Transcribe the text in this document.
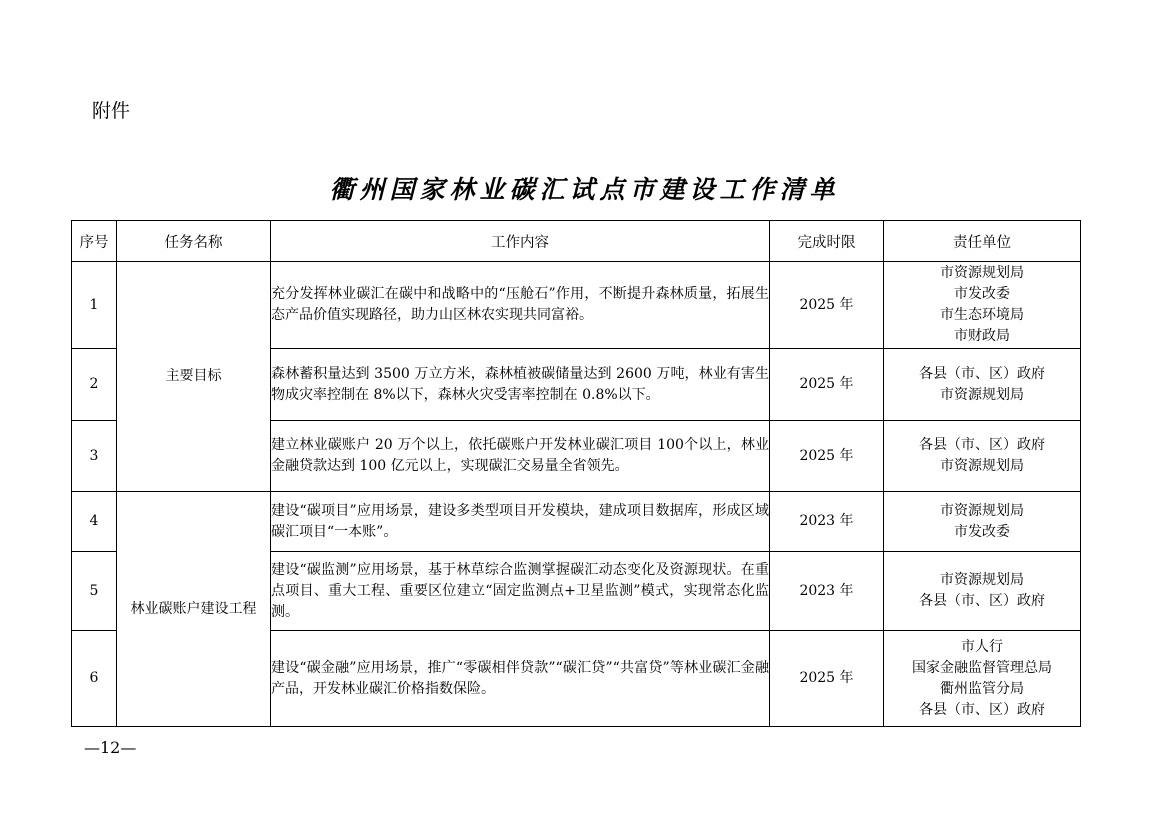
附件
衢州国家林业碳汇试点市建设工作清单
序号	任务名称	工作内容	完成时限	责任单位
1	主要目标	充分发挥林业碳汇在碳中和战略中的“压舱石”作用，不断提升森林质量，拓展生态产品价值实现路径，助力山区林农实现共同富裕。	2025 年	市资源规划局
市发改委
市生态环境局
市财政局

2		森林蓄积量达到 3500 万立方米，森林植被碳储量达到 2600 万吨，林业有害生物成灾率控制在 8%以下，森林火灾受害率控制在 0.8%以下。	2025 年	各县（市、区）政府
市资源规划局

3		建立林业碳账户 20 万个以上，依托碳账户开发林业碳汇项目 100个以上，林业金融贷款达到 100 亿元以上，实现碳汇交易量全省领先。	2025 年	各县（市、区）政府
市资源规划局

4	林业碳账户建设工程	建设“碳项目”应用场景，建设多类型项目开发模块，建成项目数据库，形成区域碳汇项目“一本账”。	2023 年	市资源规划局
市发改委

5		建设“碳监测”应用场景，基于林草综合监测掌握碳汇动态变化及资源现状。在重点项目、重大工程、重要区位建立“固定监测点+卫星监测”模式，实现常态化监测。	2023 年	市资源规划局
各县（市、区）政府

6		建设“碳金融”应用场景，推广“零碳相伴贷款”“碳汇贷”“共富贷”等林业碳汇金融产品，开发林业碳汇价格指数保险。	2025 年	市人行
国家金融监督管理总局
衢州监管分局
各县（市、区）政府
—12—
